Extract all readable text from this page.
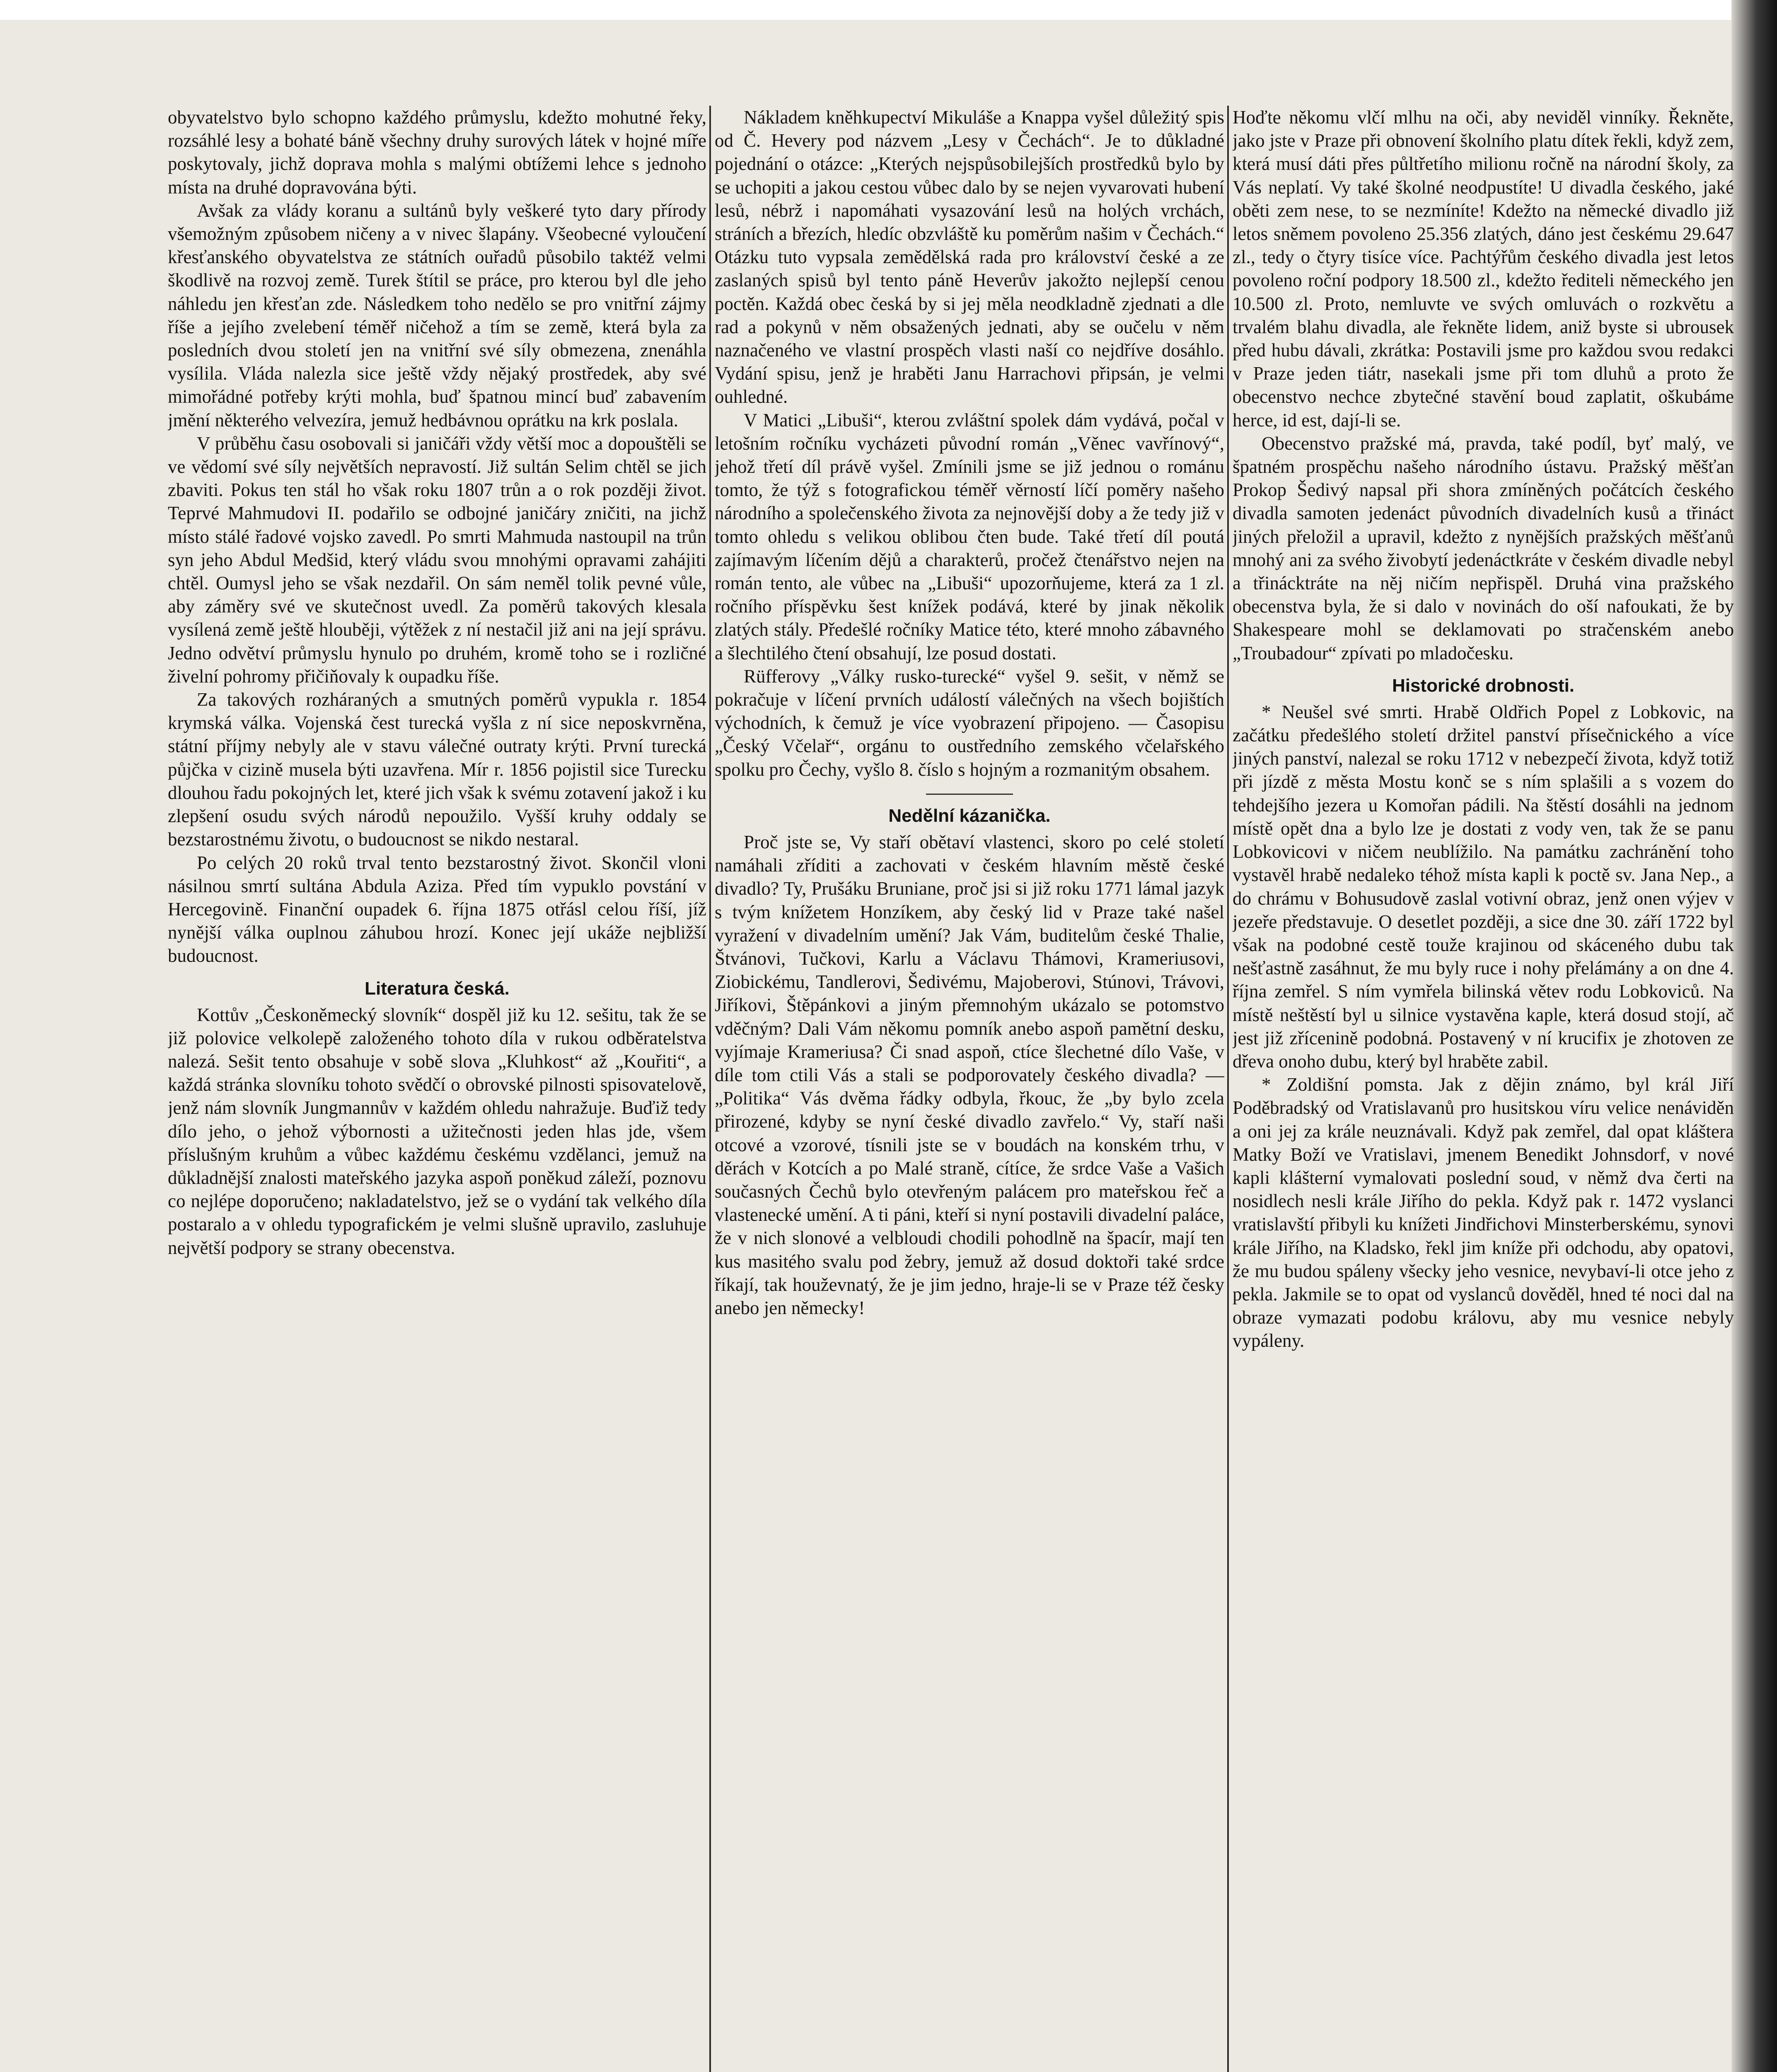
obyvatelstvo bylo schopno každého průmyslu, kdežto mohutné řeky, rozsáhlé lesy a bohaté báně všechny druhy surových látek v hojné míře poskytovaly, jichž doprava mohla s malými obtížemi lehce s jednoho místa na druhé dopravována býti.

Avšak za vlády koranu a sultánů byly veškeré tyto dary přírody všemožným způsobem ničeny a v nivec šlapány. Všeobecné vyloučení křesťanského obyvatelstva ze státních ouřadů působilo taktéž velmi škodlivě na rozvoj země. Turek štítil se práce, pro kterou byl dle jeho náhledu jen křesťan zde. Následkem toho nedělo se pro vnitřní zájmy říše a jejího zvelebení téměř ničehož a tím se země, která byla za posledních dvou století jen na vnitřní své síly obmezena, znenáhla vysílila. Vláda nalezla sice ještě vždy nějaký prostředek, aby své mimořádné potřeby krýti mohla, buď špatnou mincí buď zabavením jmění některého velvezíra, jemuž hedbávnou oprátku na krk poslala.

V průběhu času osobovali si janičáři vždy větší moc a dopouštěli se ve vědomí své síly největších nepravostí. Již sultán Selim chtěl se jich zbaviti. Pokus ten stál ho však roku 1807 trůn a o rok později život. Teprvé Mahmudovi II. podařilo se odbojné janičáry zničiti, na jichž místo stálé řadové vojsko zavedl. Po smrti Mahmuda nastoupil na trůn syn jeho Abdul Medšid, který vládu svou mnohými opravami zahájiti chtěl. Oumysl jeho se však nezdařil. On sám neměl tolik pevné vůle, aby záměry své ve skutečnost uvedl. Za poměrů takových klesala vysílená země ještě hlouběji, výtěžek z ní nestačil již ani na její správu. Jedno odvětví průmyslu hynulo po druhém, kromě toho se i rozličné živelní pohromy přičiňovaly k oupadku říše.

Za takových rozháraných a smutných poměrů vypukla r. 1854 krymská válka. Vojenská čest turecká vyšla z ní sice neposkvrněna, státní příjmy nebyly ale v stavu válečné outraty krýti. První turecká půjčka v cizině musela býti uzavřena. Mír r. 1856 pojistil sice Turecku dlouhou řadu pokojných let, které jich však k svému zotavení jakož i ku zlepšení osudu svých národů nepoužilo. Vyšší kruhy oddaly se bezstarostnému životu, o budoucnost se nikdo nestaral.

Po celých 20 roků trval tento bezstarostný život. Skončil vloni násilnou smrtí sultána Abdula Aziza. Před tím vypuklo povstání v Hercegovině. Finanční oupadek 6. října 1875 otřásl celou říší, jíž nynější válka ouplnou záhubou hrozí. Konec její ukáže nejbližší budoucnost.

Literatura česká.

Kottův „Českoněmecký slovník“ dospěl již ku 12. sešitu, tak že se již polovice velkolepě založeného tohoto díla v rukou odběratelstva nalezá. Sešit tento obsahuje v sobě slova „Kluhkost“ až „Kouřiti“, a každá stránka slovníku tohoto svědčí o obrovské pilnosti spisovatelově, jenž nám slovník Jungmannův v každém ohledu nahražuje. Buďiž tedy dílo jeho, o jehož výbornosti a užitečnosti jeden hlas jde, všem příslušným kruhům a vůbec každému českému vzdělanci, jemuž na důkladnější znalosti mateřského jazyka aspoň poněkud záleží, poznovu co nejlépe doporučeno; nakladatelstvo, jež se o vydání tak velkého díla postaralo a v ohledu typografickém je velmi slušně upravilo, zasluhuje největší podpory se strany obecenstva.

Nákladem kněhkupectví Mikuláše a Knappa vyšel důležitý spis od Č. Hevery pod názvem „Lesy v Čechách“. Je to důkladné pojednání o otázce: „Kterých nejspůsobilejších prostředků bylo by se uchopiti a jakou cestou vůbec dalo by se nejen vyvarovati hubení lesů, nébrž i napomáhati vysazování lesů na holých vrchách, stráních a březích, hledíc obzvláště ku poměrům našim v Čechách.“ Otázku tuto vypsala zemědělská rada pro království české a ze zaslaných spisů byl tento páně Heverův jakožto nejlepší cenou poctěn. Každá obec česká by si jej měla neodkladně zjednati a dle rad a pokynů v něm obsažených jednati, aby se oučelu v něm naznačeného ve vlastní prospěch vlasti naší co nejdříve dosáhlo. Vydání spisu, jenž je hraběti Janu Harrachovi připsán, je velmi ouhledné.

V Matici „Libuši“, kterou zvláštní spolek dám vydává, počal v letošním ročníku vycházeti původní román „Věnec vavřínový“, jehož třetí díl právě vyšel. Zmínili jsme se již jednou o románu tomto, že týž s fotografickou téměř věrností líčí poměry našeho národního a společenského života za nejnovější doby a že tedy již v tomto ohledu s velikou oblibou čten bude. Také třetí díl poutá zajímavým líčením dějů a charakterů, pročež čtenářstvo nejen na román tento, ale vůbec na „Libuši“ upozorňujeme, která za 1 zl. ročního příspěvku šest knížek podává, které by jinak několik zlatých stály. Předešlé ročníky Matice této, které mnoho zábavného a šlechtilého čtení obsahují, lze posud dostati.

Rüfferovy „Války rusko-turecké“ vyšel 9. sešit, v němž se pokračuje v líčení prvních událostí válečných na všech bojištích východních, k čemuž je více vyobrazení připojeno. — Časopisu „Český Včelař“, orgánu to oustředního zemského včelařského spolku pro Čechy, vyšlo 8. číslo s hojným a rozmanitým obsahem.

Nedělní kázanička.

Proč jste se, Vy staří obětaví vlastenci, skoro po celé století namáhali zříditi a zachovati v českém hlavním městě české divadlo? Ty, Prušáku Bruniane, proč jsi si již roku 1771 lámal jazyk s tvým knížetem Honzíkem, aby český lid v Praze také našel vyražení v divadelním umění? Jak Vám, buditelům české Thalie, Štvánovi, Tučkovi, Karlu a Václavu Thámovi, Krameriusovi, Ziobickému, Tandlerovi, Šedivému, Majoberovi, Stúnovi, Trávovi, Jiříkovi, Štěpánkovi a jiným přemnohým ukázalo se potomstvo vděčným? Dali Vám někomu pomník anebo aspoň pamětní desku, vyjímaje Krameriusa? Či snad aspoň, ctíce šlechetné dílo Vaše, v díle tom ctili Vás a stali se podporovately českého divadla? — „Politika“ Vás dvěma řádky odbyla, řkouc, že „by bylo zcela přirozené, kdyby se nyní české divadlo zavřelo.“ Vy, staří naši otcové a vzorové, tísnili jste se v boudách na konském trhu, v děrách v Kotcích a po Malé straně, cítíce, že srdce Vaše a Vašich současných Čechů bylo otevřeným palácem pro mateřskou řeč a vlastenecké umění. A ti páni, kteří si nyní postavili divadelní paláce, že v nich slonové a velbloudi chodili pohodlně na špacír, mají ten kus masitého svalu pod žebry, jemuž až dosud doktoři také srdce říkají, tak houževnatý, že je jim jedno, hraje-li se v Praze též česky anebo jen německy!

Hoďte někomu vlčí mlhu na oči, aby neviděl vinníky. Řekněte, jako jste v Praze při obnovení školního platu dítek řekli, když zem, která musí dáti přes půltřetího milionu ročně na národní školy, za Vás neplatí. Vy také školné neodpustíte! U divadla českého, jaké oběti zem nese, to se nezmíníte! Kdežto na německé divadlo již letos sněmem povoleno 25.356 zlatých, dáno jest českému 29.647 zl., tedy o čtyry tisíce více. Pachtýřům českého divadla jest letos povoleno roční podpory 18.500 zl., kdežto řediteli německého jen 10.500 zl. Proto, nemluvte ve svých omluvách o rozkvětu a trvalém blahu divadla, ale řekněte lidem, aniž byste si ubrousek před hubu dávali, zkrátka: Postavili jsme pro každou svou redakci v Praze jeden tiátr, nasekali jsme při tom dluhů a proto že obecenstvo nechce zbytečné stavění boud zaplatit, oškubáme herce, id est, dají-li se.

Obecenstvo pražské má, pravda, také podíl, byť malý, ve špatném prospěchu našeho národního ústavu. Pražský měšťan Prokop Šedivý napsal při shora zmíněných počátcích českého divadla samoten jedenáct původních divadelních kusů a třináct jiných přeložil a upravil, kdežto z nynějších pražských měšťanů mnohý ani za svého živobytí jedenáctkráte v českém divadle nebyl a třinácktráte na něj ničím nepřispěl. Druhá vina pražského obecenstva byla, že si dalo v novinách do oší nafoukati, že by Shakespeare mohl se deklamovati po stračenském anebo „Troubadour“ zpívati po mladočesku.

Historické drobnosti.

* Neušel své smrti. Hrabě Oldřich Popel z Lobkovic, na začátku předešlého století držitel panství přísečnického a více jiných panství, nalezal se roku 1712 v nebezpečí života, když totiž při jízdě z města Mostu konč se s ním splašili a s vozem do tehdejšího jezera u Komořan pádili. Na štěstí dosáhli na jednom místě opět dna a bylo lze je dostati z vody ven, tak že se panu Lobkovicovi v ničem neublížilo. Na památku zachránění toho vystavěl hrabě nedaleko téhož místa kapli k poctě sv. Jana Nep., a do chrámu v Bohusudově zaslal votivní obraz, jenž onen výjev v jezeře představuje. O desetlet později, a sice dne 30. září 1722 byl však na podobné cestě touže krajinou od skáceného dubu tak nešťastně zasáhnut, že mu byly ruce i nohy přelámány a on dne 4. října zemřel. S ním vymřela bilinská větev rodu Lobkoviců. Na místě neštěstí byl u silnice vystavěna kaple, která dosud stojí, ač jest již zřícenině podobná. Postavený v ní krucifix je zhotoven ze dřeva onoho dubu, který byl hraběte zabil.

* Zoldišní pomsta. Jak z dějin známo, byl král Jiří Poděbradský od Vratislavanů pro husitskou víru velice nenáviděn a oni jej za krále neuznávali. Když pak zemřel, dal opat kláštera Matky Boží ve Vratislavi, jmenem Benedikt Johnsdorf, v nové kapli klášterní vymalovati poslední soud, v němž dva čerti na nosidlech nesli krále Jiřího do pekla. Když pak r. 1472 vyslanci vratislavští přibyli ku knížeti Jindřichovi Minsterberskému, synovi krále Jiřího, na Kladsko, řekl jim kníže při odchodu, aby opatovi, že mu budou spáleny všecky jeho vesnice, nevybaví-li otce jeho z pekla. Jakmile se to opat od vyslanců dověděl, hned té noci dal na obraze vymazati podobu královu, aby mu vesnice nebyly vypáleny.
